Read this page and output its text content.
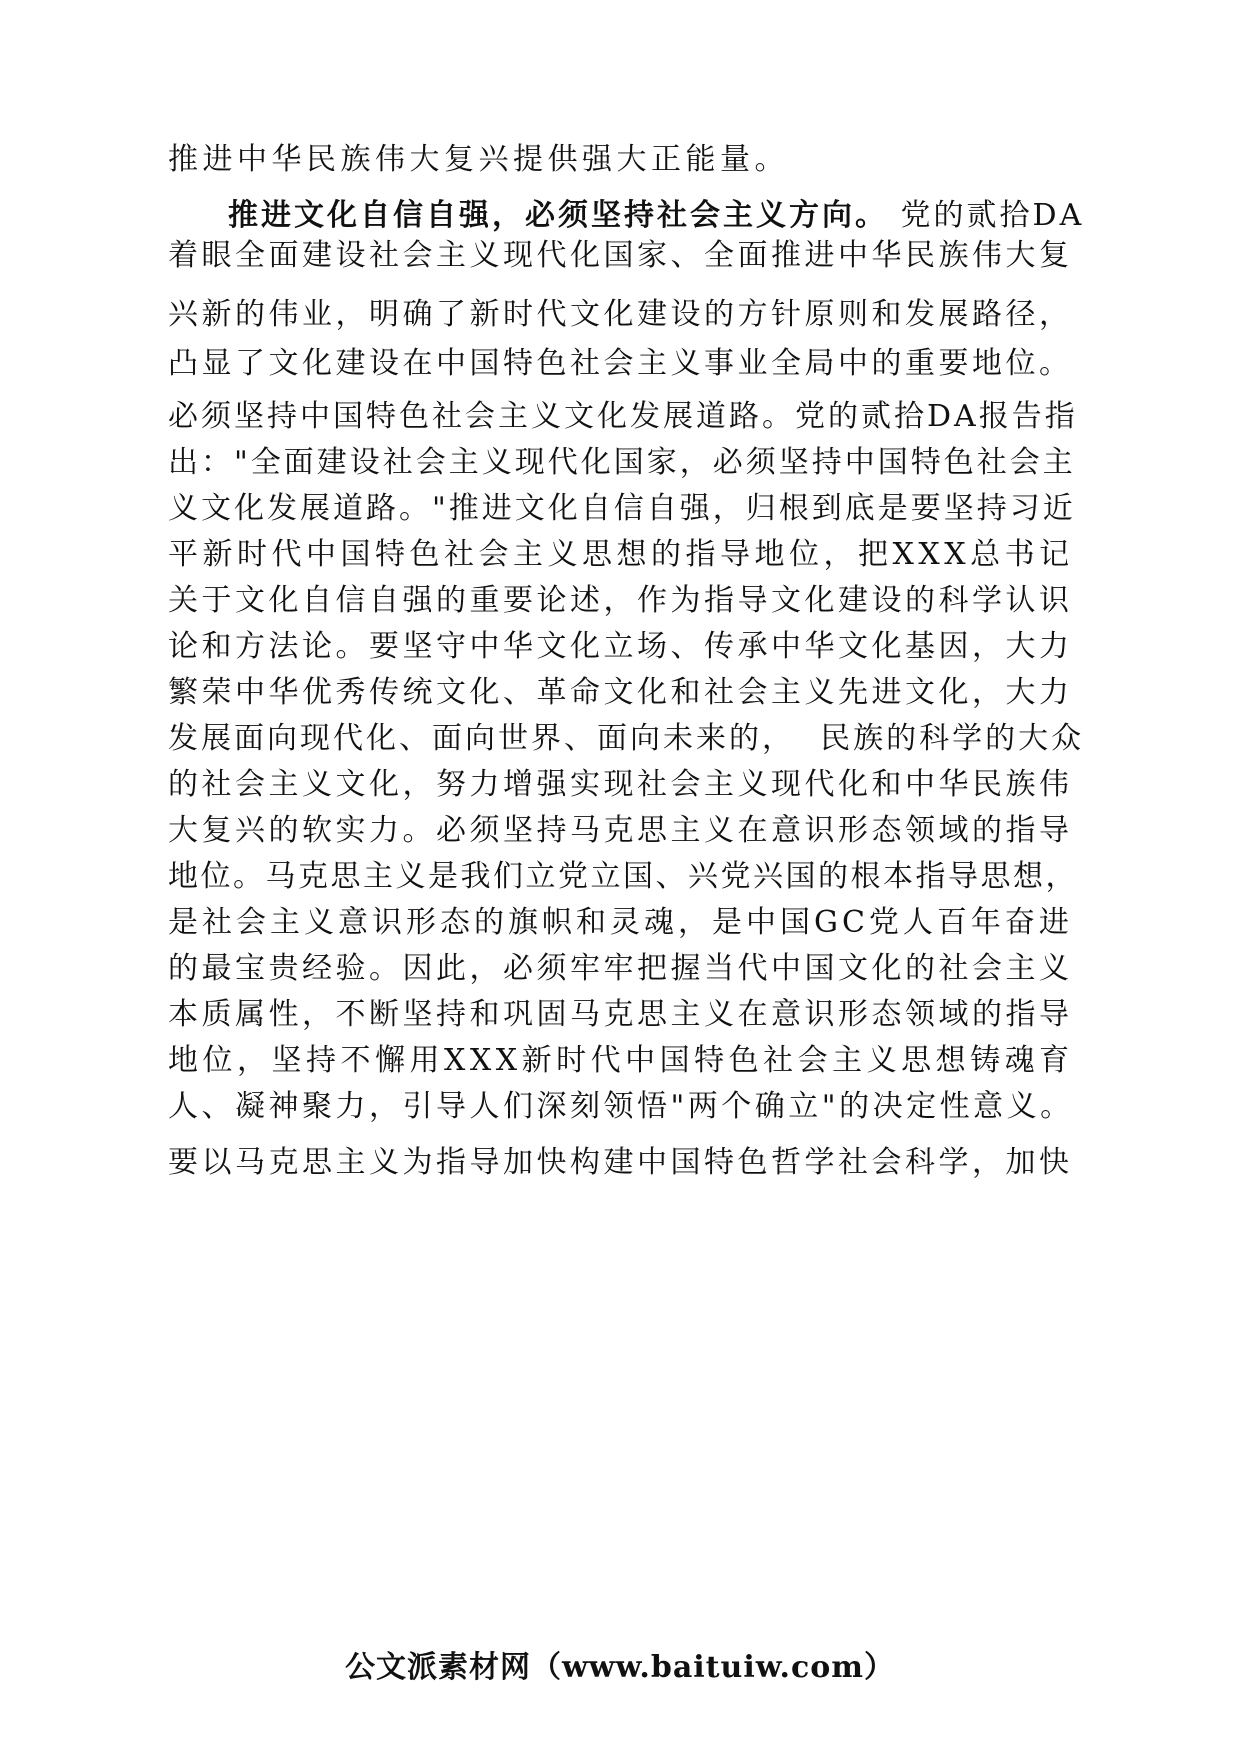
推进中华民族伟大复兴提供强大正能量。
推进文化自信自强，必须坚持社会主义方向。 党的贰拾DA
着眼全面建设社会主义现代化国家、全面推进中华民族伟大复
兴新的伟业，明确了新时代文化建设的方针原则和发展路径，
凸显了文化建设在中国特色社会主义事业全局中的重要地位。
必须坚持中国特色社会主义文化发展道路。党的贰拾DA报告指
出："全面建设社会主义现代化国家，必须坚持中国特色社会主
义文化发展道路。"推进文化自信自强，归根到底是要坚持习近
平新时代中国特色社会主义思想的指导地位，把XXX总书记
关于文化自信自强的重要论述，作为指导文化建设的科学认识
论和方法论。要坚守中华文化立场、传承中华文化基因，大力
繁荣中华优秀传统文化、革命文化和社会主义先进文化，大力
发展面向现代化、面向世界、面向未来的，  民族的科学的大众
的社会主义文化，努力增强实现社会主义现代化和中华民族伟
大复兴的软实力。必须坚持马克思主义在意识形态领域的指导
地位。马克思主义是我们立党立国、兴党兴国的根本指导思想，
是社会主义意识形态的旗帜和灵魂，是中国GC党人百年奋进
的最宝贵经验。因此，必须牢牢把握当代中国文化的社会主义
本质属性，不断坚持和巩固马克思主义在意识形态领域的指导
地位，坚持不懈用XXX新时代中国特色社会主义思想铸魂育
人、凝神聚力，引导人们深刻领悟"两个确立"的决定性意义。
要以马克思主义为指导加快构建中国特色哲学社会科学，加快
公文派素材网（www.baituiw.com）
